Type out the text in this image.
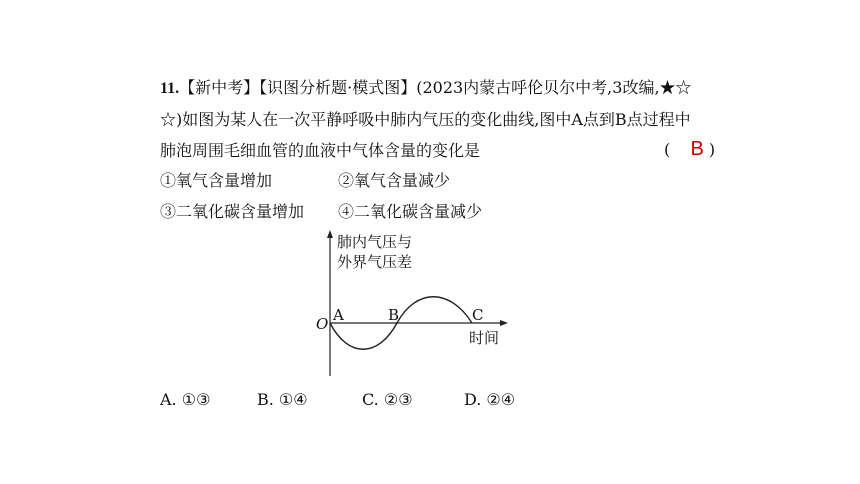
11.【新中考】【识图分析题·模式图】(2023内蒙古呼伦贝尔中考,3改编,★☆
☆)如图为某人在一次平静呼吸中肺内气压的变化曲线,图中A点到B点过程中
肺泡周围毛细血管的血液中气体含量的变化是	( B )
①氧气含量增加	②氧气含量减少
③二氧化碳含量增加 ④二氧化碳含量减少
肺内气压与
外界气压差
O A	B	C
时间
A. ①③	B. ①④	C. ②③	D. ②④
